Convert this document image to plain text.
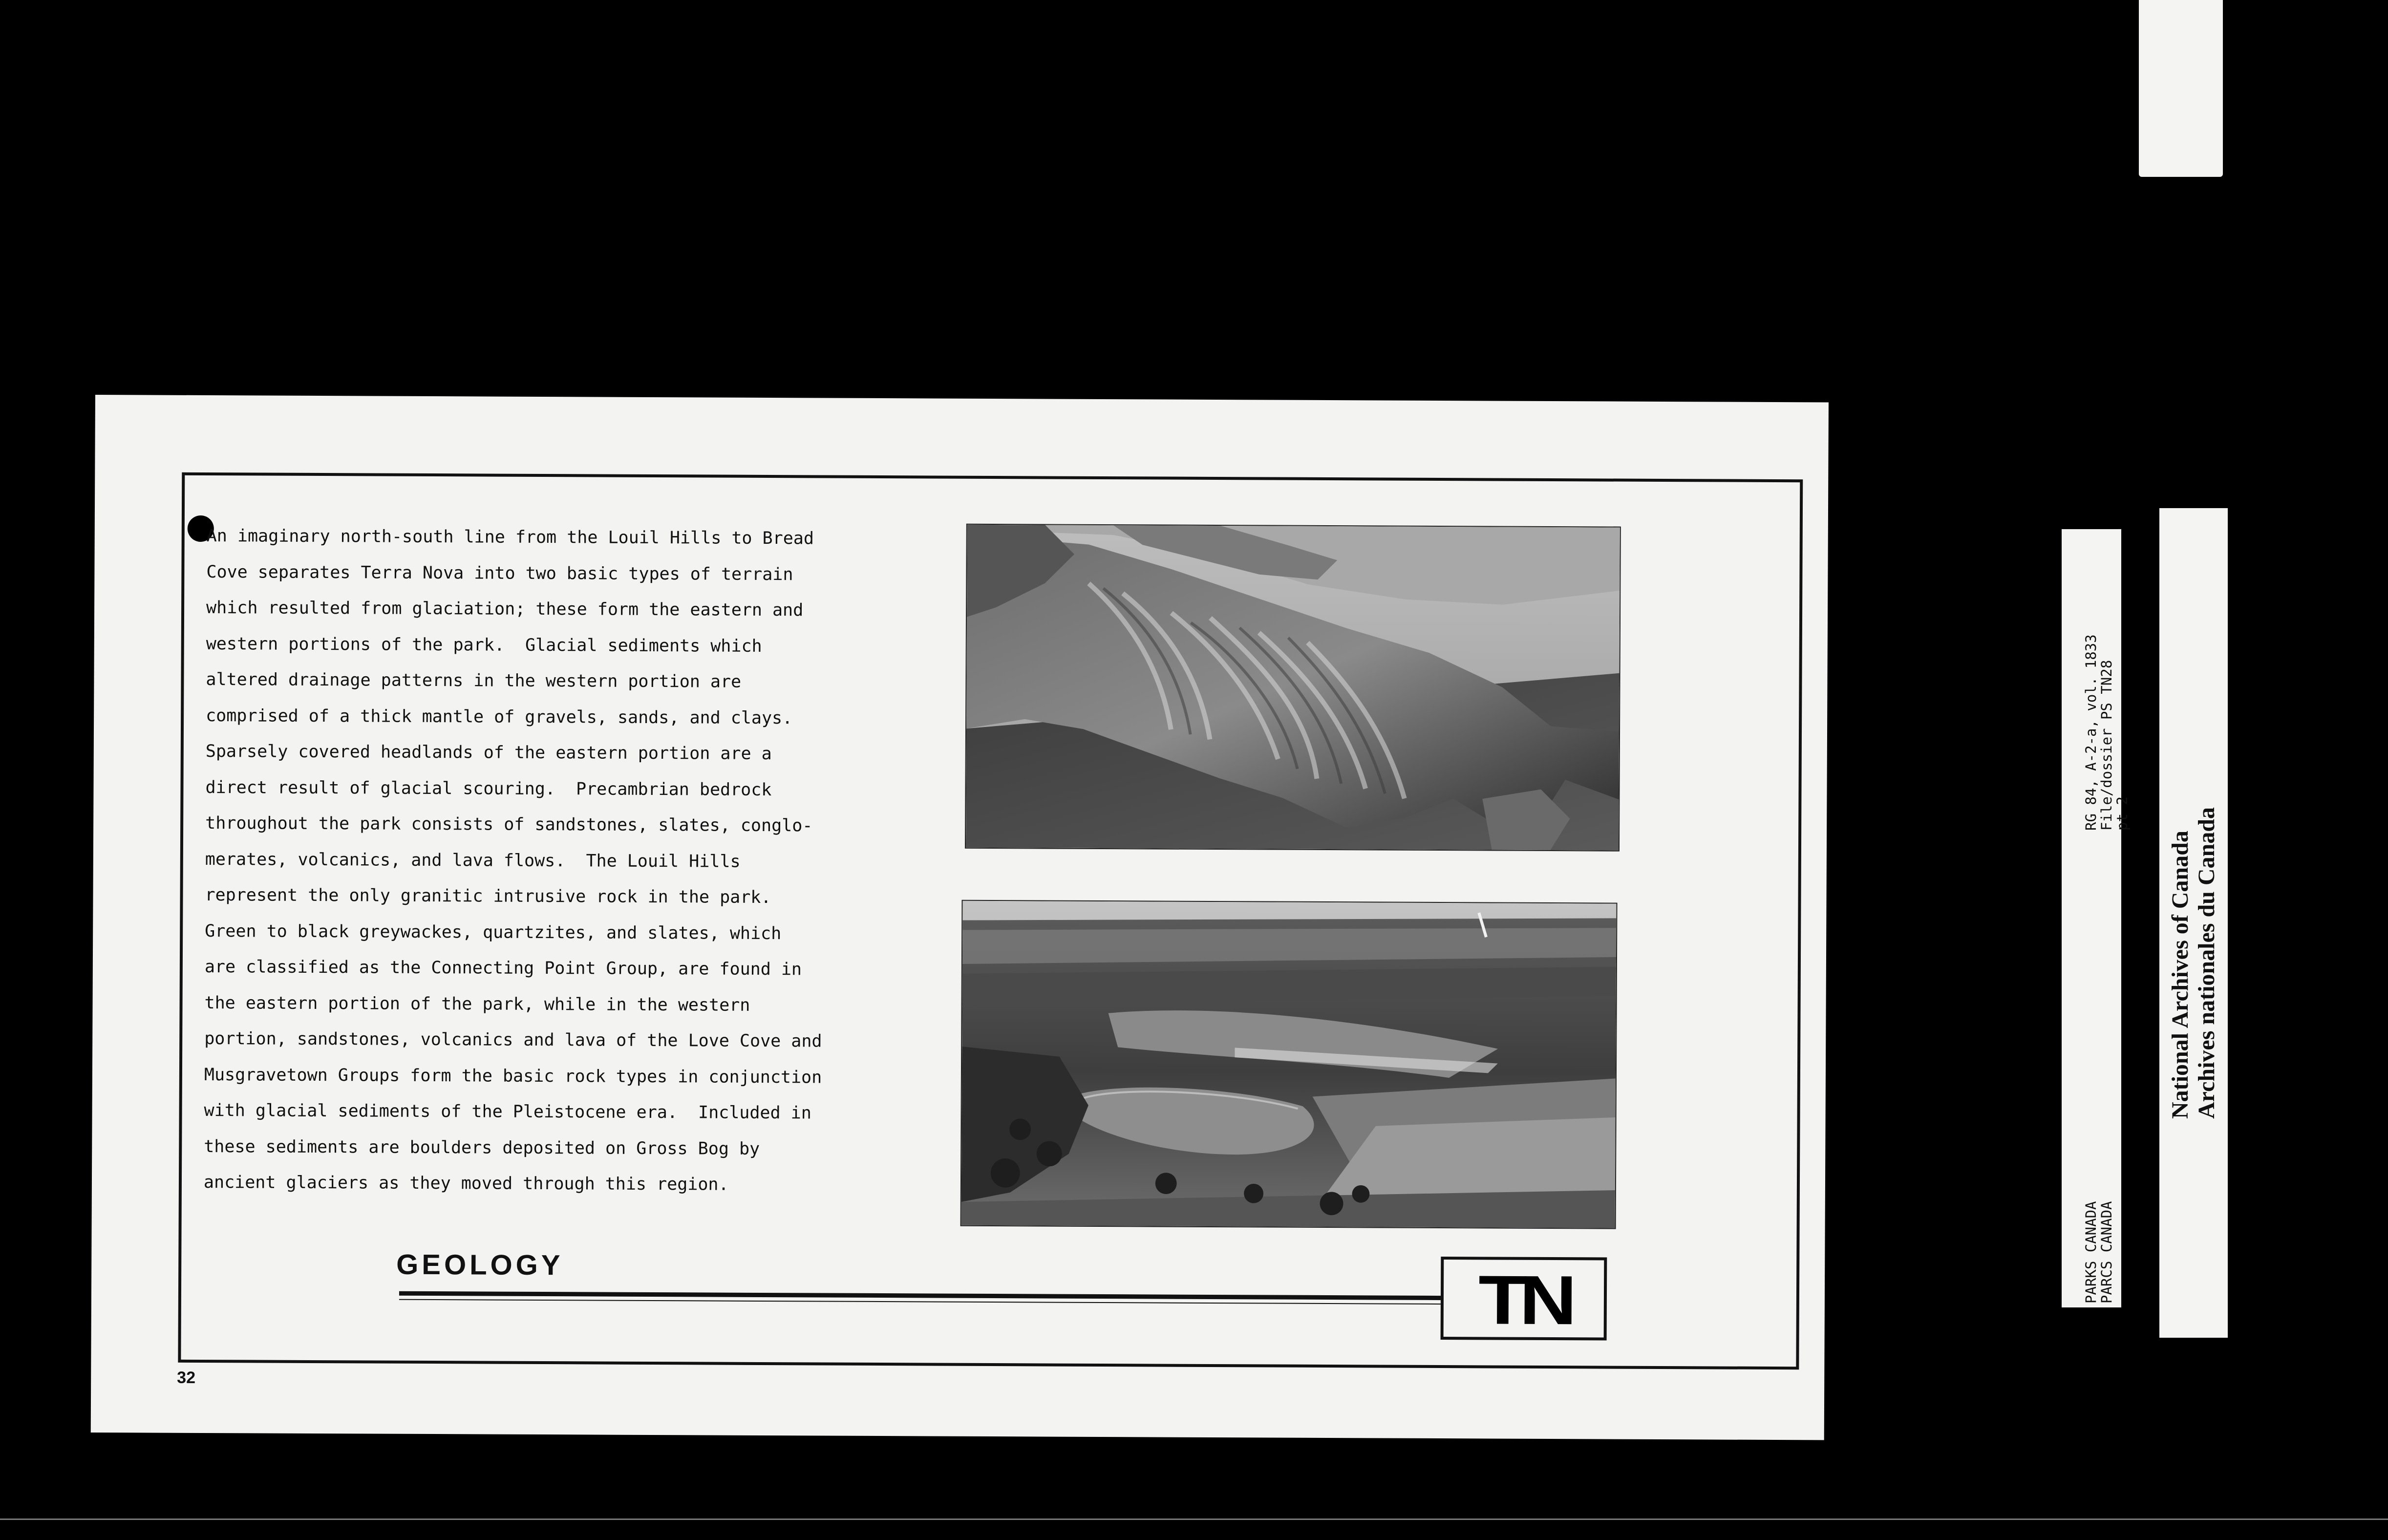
An imaginary north-south line from the Louil Hills to Bread
Cove separates Terra Nova into two basic types of terrain
which resulted from glaciation; these form the eastern and
western portions of the park.  Glacial sediments which
altered drainage patterns in the western portion are
comprised of a thick mantle of gravels, sands, and clays.
Sparsely covered headlands of the eastern portion are a
direct result of glacial scouring.  Precambrian bedrock
throughout the park consists of sandstones, slates, conglo-
merates, volcanics, and lava flows.  The Louil Hills
represent the only granitic intrusive rock in the park.
Green to black greywackes, quartzites, and slates, which
are classified as the Connecting Point Group, are found in
the eastern portion of the park, while in the western
portion, sandstones, volcanics and lava of the Love Cove and
Musgravetown Groups form the basic rock types in conjunction
with glacial sediments of the Pleistocene era.  Included in
these sediments are boulders deposited on Gross Bog by
ancient glaciers as they moved through this region.
GEOLOGY	TN
32
RG 84, A-2-a, vol. 1833
File/dossier PS TN28
pt 2
PARKS CANADA
PARCS CANADA
National Archives of Canada Archives nationales du Canada
